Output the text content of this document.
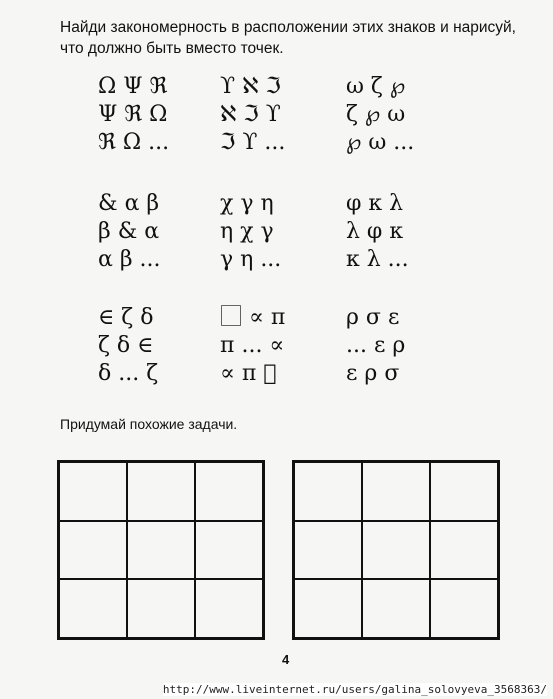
Найди закономерность в расположении этих знаков и нарисуй, что должно быть вместо точек.
Ω Ψ ℜ
Ψ ℜ Ω
ℜ Ω ...
ϒ ℵ ℑ
ℵ ℑ ϒ
ℑ ϒ ...
ω ζ ℘
ζ ℘ ω
℘ ω ...
& α β
β & α
α β ...
χ γ η
η χ γ
γ η ...
φ κ λ
λ φ κ
κ λ ...
∈ ζ δ
ζ δ ∈
δ ... ζ
⃞ ∝ π
π ... ∝
∝ π ⃞
ρ σ ε
... ε ρ
ε ρ σ
Придумай похожие задачи.
4
http://www.liveinternet.ru/users/galina_solovyeva_3568363/
